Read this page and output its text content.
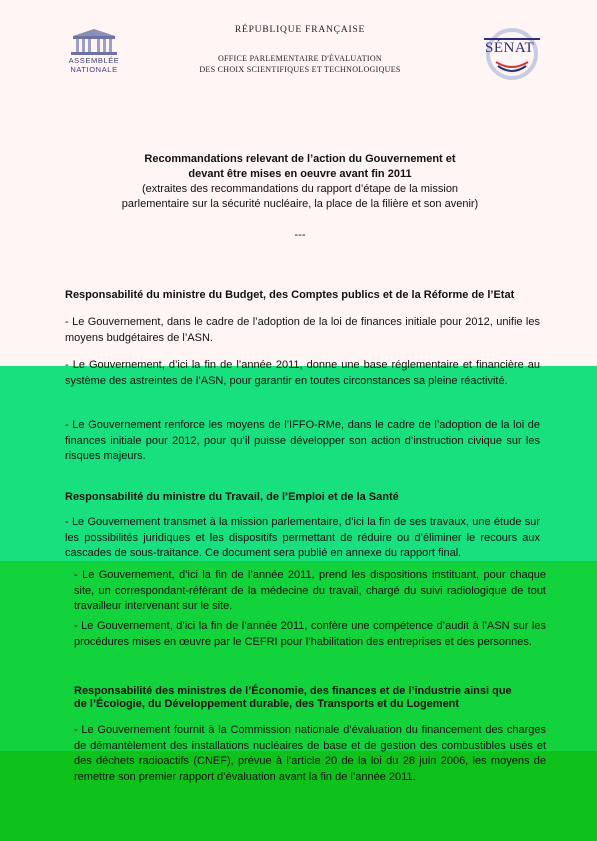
ASSEMBLÉE
NATIONALE
RÉPUBLIQUE FRANÇAISE
OFFICE PARLEMENTAIRE D'ÉVALUATION
DES CHOIX SCIENTIFIQUES ET TECHNOLOGIQUES
SÉNAT
Recommandations relevant de l’action du Gouvernement et
devant être mises en oeuvre avant fin 2011
(extraites des recommandations du rapport d’étape de la mission
parlementaire sur la sécurité nucléaire, la place de la filière et son avenir)
---
Responsabilité du ministre du Budget, des Comptes publics et de la Réforme de l’Etat
- Le Gouvernement, dans le cadre de l’adoption de la loi de finances initiale pour 2012, unifie les moyens budgétaires de l’ASN.
- Le Gouvernement, d’ici la fin de l’année 2011, donne une base réglementaire et financière au système des astreintes de l’ASN, pour garantir en toutes circonstances sa pleine réactivité.
- Le Gouvernement renforce les moyens de l’IFFO-RMe, dans le cadre de l’adoption de la loi de finances initiale pour 2012, pour qu’il puisse développer son action d’instruction civique sur les risques majeurs.
Responsabilité du ministre du Travail, de l’Emploi et de la Santé
- Le Gouvernement transmet à la mission parlementaire, d’ici la fin de ses travaux, une étude sur les possibilités juridiques et les dispositifs permettant de réduire ou d’éliminer le recours aux cascades de sous-traitance. Ce document sera publié en annexe du rapport final.
- Le Gouvernement, d’ici la fin de l’année 2011, prend les dispositions instituant, pour chaque site, un correspondant-référant de la médecine du travail, chargé du suivi radiologique de tout travailleur intervenant sur le site.
- Le Gouvernement, d’ici la fin de l’année 2011, confère une compétence d’audit à l’ASN sur les procédures mises en œuvre par le CEFRI pour l’habilitation des entreprises et des personnes.
Responsabilité des ministres de l’Économie, des finances et de l’industrie ainsi que
de l’Écologie, du Développement durable, des Transports et du Logement
- Le Gouvernement fournit à la Commission nationale d’évaluation du financement des charges de démantèlement des installations nucléaires de base et de gestion des combustibles usés et des déchets radioactifs (CNEF), prévue à l’article 20 de la loi du 28 juin 2006, les moyens de remettre son premier rapport d’évaluation avant la fin de l’année 2011.
